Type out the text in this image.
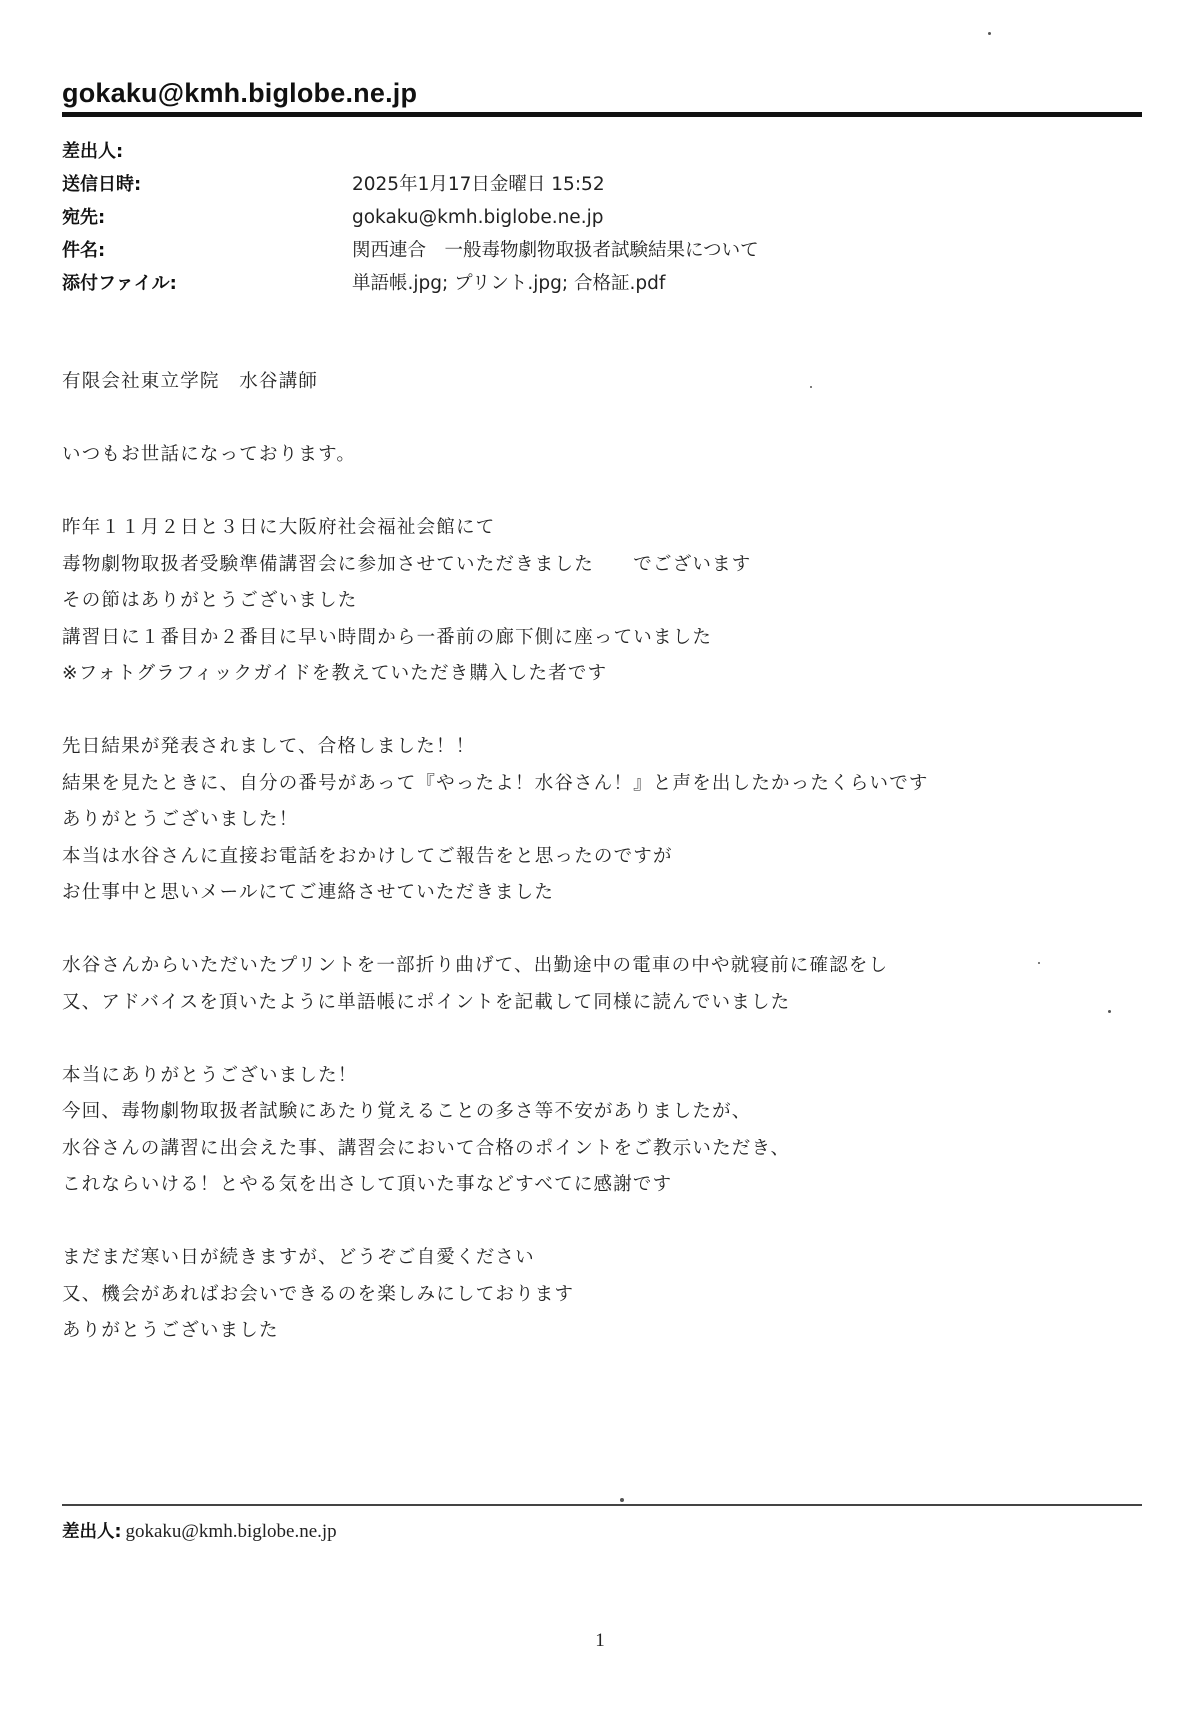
gokaku@kmh.biglobe.ne.jp
差出人:
送信日時:	2025年1月17日金曜日 15:52
宛先:	gokaku@kmh.biglobe.ne.jp
件名:	関西連合　一般毒物劇物取扱者試験結果について
添付ファイル:	単語帳.jpg; プリント.jpg; 合格証.pdf
有限会社東立学院　水谷講師
いつもお世話になっております。
昨年１１月２日と３日に大阪府社会福祉会館にて
毒物劇物取扱者受験準備講習会に参加させていただきました　　でございます
その節はありがとうございました
講習日に１番目か２番目に早い時間から一番前の廊下側に座っていました
※フォトグラフィックガイドを教えていただき購入した者です
先日結果が発表されまして、合格しました！！
結果を見たときに、自分の番号があって『やったよ！水谷さん！』と声を出したかったくらいです
ありがとうございました！
本当は水谷さんに直接お電話をおかけしてご報告をと思ったのですが
お仕事中と思いメールにてご連絡させていただきました
水谷さんからいただいたプリントを一部折り曲げて、出勤途中の電車の中や就寝前に確認をし
又、アドバイスを頂いたように単語帳にポイントを記載して同様に読んでいました
本当にありがとうございました！
今回、毒物劇物取扱者試験にあたり覚えることの多さ等不安がありましたが、
水谷さんの講習に出会えた事、講習会において合格のポイントをご教示いただき、
これならいける！とやる気を出さして頂いた事などすべてに感謝です
まだまだ寒い日が続きますが、どうぞご自愛ください
又、機会があればお会いできるのを楽しみにしております
ありがとうございました
差出人: gokaku@kmh.biglobe.ne.jp
1
